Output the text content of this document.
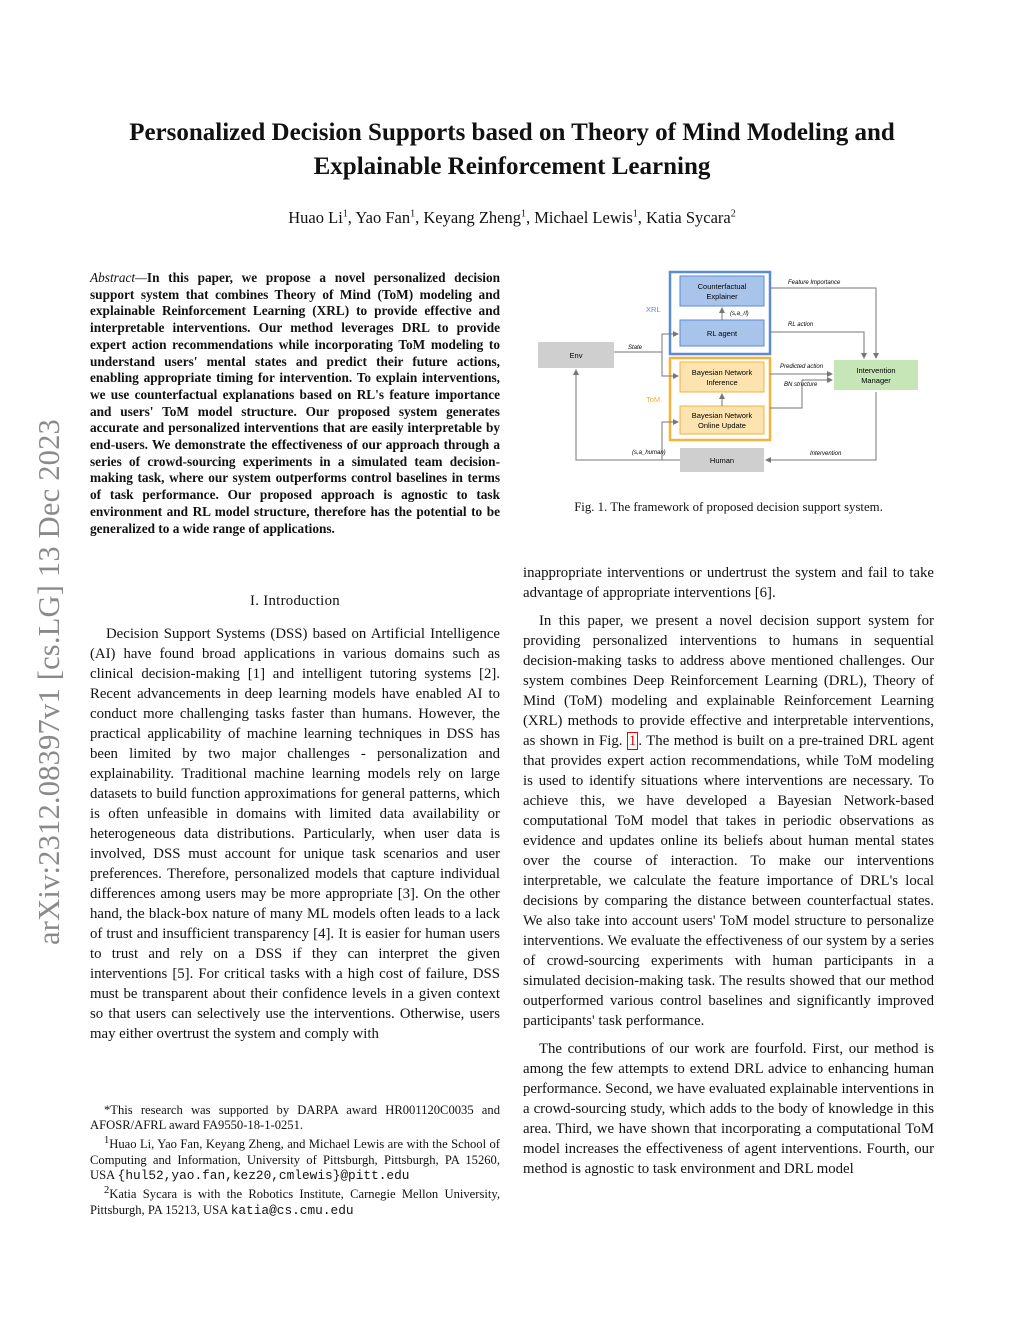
Personalized Decision Supports based on Theory of Mind Modeling and
Explainable Reinforcement Learning
Huao Li$^1$, Yao Fan$^1$, Keyang Zheng$^1$, Michael Lewis$^1$, Katia Sycara$^2$
arXiv:2312.08397v1 [cs.LG] 13 Dec 2023

Abstract—In this paper, we propose a novel personalized decision support system that combines Theory of Mind (ToM) modeling and explainable Reinforcement Learning (XRL) to provide effective and interpretable interventions. Our method leverages DRL to provide expert action recommendations while incorporating ToM modeling to understand users' mental states and predict their future actions, enabling appropriate timing for intervention. To explain interventions, we use counterfactual explanations based on RL's feature importance and users' ToM model structure. Our proposed system generates accurate and personalized interventions that are easily interpretable by end-users. We demonstrate the effectiveness of our approach through a series of crowd-sourcing experiments in a simulated team decision-making task, where our system outperforms control baselines in terms of task performance. Our proposed approach is agnostic to task environment and RL model structure, therefore has the potential to be generalized to a wide range of applications.

I. Introduction

Decision Support Systems (DSS) based on Artificial Intelligence (AI) have found broad applications in various domains such as clinical decision-making [1] and intelligent tutoring systems [2]. Recent advancements in deep learning models have enabled AI to conduct more challenging tasks faster than humans. However, the practical applicability of machine learning techniques in DSS has been limited by two major challenges - personalization and explainability. Traditional machine learning models rely on large datasets to build function approximations for general patterns, which is often unfeasible in domains with limited data availability or heterogeneous data distributions. Particularly, when user data is involved, DSS must account for unique task scenarios and user preferences. Therefore, personalized models that capture individual differences among users may be more appropriate [3]. On the other hand, the black-box nature of many ML models often leads to a lack of trust and insufficient transparency [4]. It is easier for human users to trust and rely on a DSS if they can interpret the given interventions [5]. For critical tasks with a high cost of failure, DSS must be transparent about their confidence levels in a given context so that users can selectively use the interventions. Otherwise, users may either overtrust the system and comply with

*This research was supported by DARPA award HR001120C0035 and AFOSR/AFRL award FA9550-18-1-0251.

$^1$Huao Li, Yao Fan, Keyang Zheng, and Michael Lewis are with the School of Computing and Information, University of Pittsburgh, Pittsburgh, PA 15260, USA {hul52,yao.fan,kez20,cmlewis}@pitt.edu

$^2$Katia Sycara is with the Robotics Institute, Carnegie Mellon University, Pittsburgh, PA 15213, USA katia@cs.cmu.edu

Counterfactual
Explainer
XRL	(s,a_rl)
RL agent
Env
State
Bayesian Network
Inference
ToM
Bayesian Network
Online Update
Human
(s,a_human)
Intervention
Manager
Feature Importance
RL action
Predicted action
BN structure
Intervention
Fig. 1. The framework of proposed decision support system.

inappropriate interventions or undertrust the system and fail to take advantage of appropriate interventions [6].

In this paper, we present a novel decision support system for providing personalized interventions to humans in sequential decision-making tasks to address above mentioned challenges. Our system combines Deep Reinforcement Learning (DRL), Theory of Mind (ToM) modeling and explainable Reinforcement Learning (XRL) methods to provide effective and interpretable interventions, as shown in Fig. 1 . The method is built on a pre-trained DRL agent that provides expert action recommendations, while ToM modeling is used to identify situations where interventions are necessary. To achieve this, we have developed a Bayesian Network-based computational ToM model that takes in periodic observations as evidence and updates online its beliefs about human mental states over the course of interaction. To make our interventions interpretable, we calculate the feature importance of DRL's local decisions by comparing the distance between counterfactual states. We also take into account users' ToM model structure to personalize interventions. We evaluate the effectiveness of our system by a series of crowd-sourcing experiments with human participants in a simulated decision-making task. The results showed that our method outperformed various control baselines and significantly improved participants' task performance.

The contributions of our work are fourfold. First, our method is among the few attempts to extend DRL advice to enhancing human performance. Second, we have evaluated explainable interventions in a crowd-sourcing study, which adds to the body of knowledge in this area. Third, we have shown that incorporating a computational ToM model increases the effectiveness of agent interventions. Fourth, our method is agnostic to task environment and DRL model
